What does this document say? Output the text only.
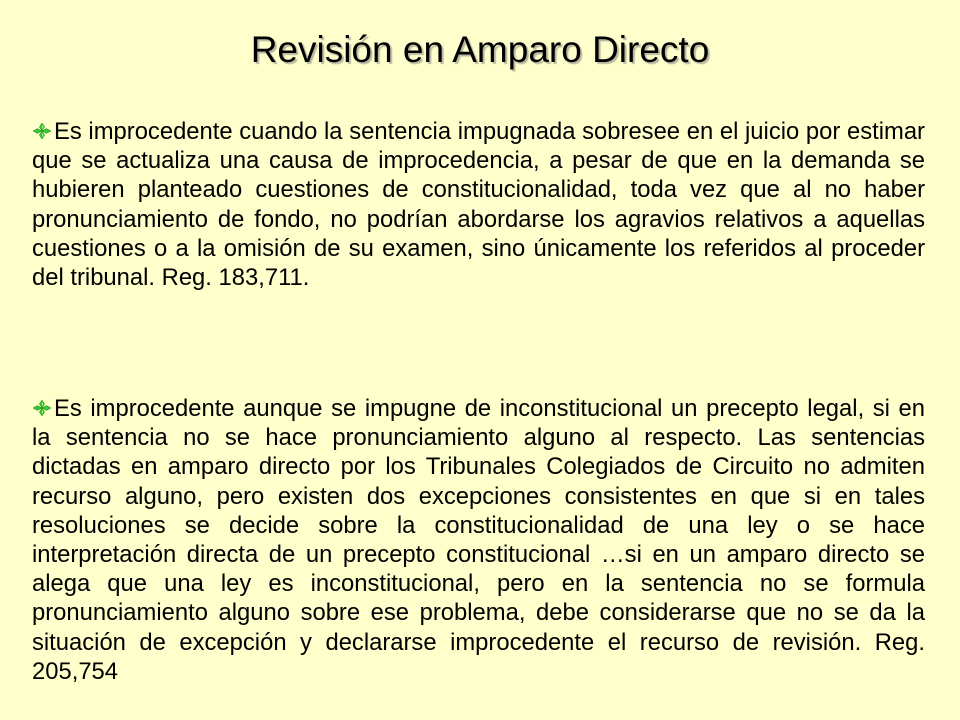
Revisión en Amparo Directo
Es improcedente cuando la sentencia impugnada sobresee en el juicio por estimar que se actualiza una causa de improcedencia, a pesar de que en la demanda se hubieren planteado cuestiones de constitucionalidad, toda vez que al no haber pronunciamiento de fondo, no podrían abordarse los agravios relativos a aquellas cuestiones o a la omisión de su examen, sino únicamente los referidos al proceder del tribunal. Reg. 183,711.
Es improcedente aunque se impugne de inconstitucional un precepto legal, si en la sentencia no se hace pronunciamiento alguno al respecto. Las sentencias dictadas en amparo directo por los Tribunales Colegiados de Circuito no admiten recurso alguno, pero existen dos excepciones consistentes en que si en tales resoluciones se decide sobre la constitucionalidad de una ley o se hace interpretación directa de un precepto constitucional …si en un amparo directo se alega que una ley es inconstitucional, pero en la sentencia no se formula pronunciamiento alguno sobre ese problema, debe considerarse que no se da la situación de excepción y declararse improcedente el recurso de revisión. Reg. 205,754
